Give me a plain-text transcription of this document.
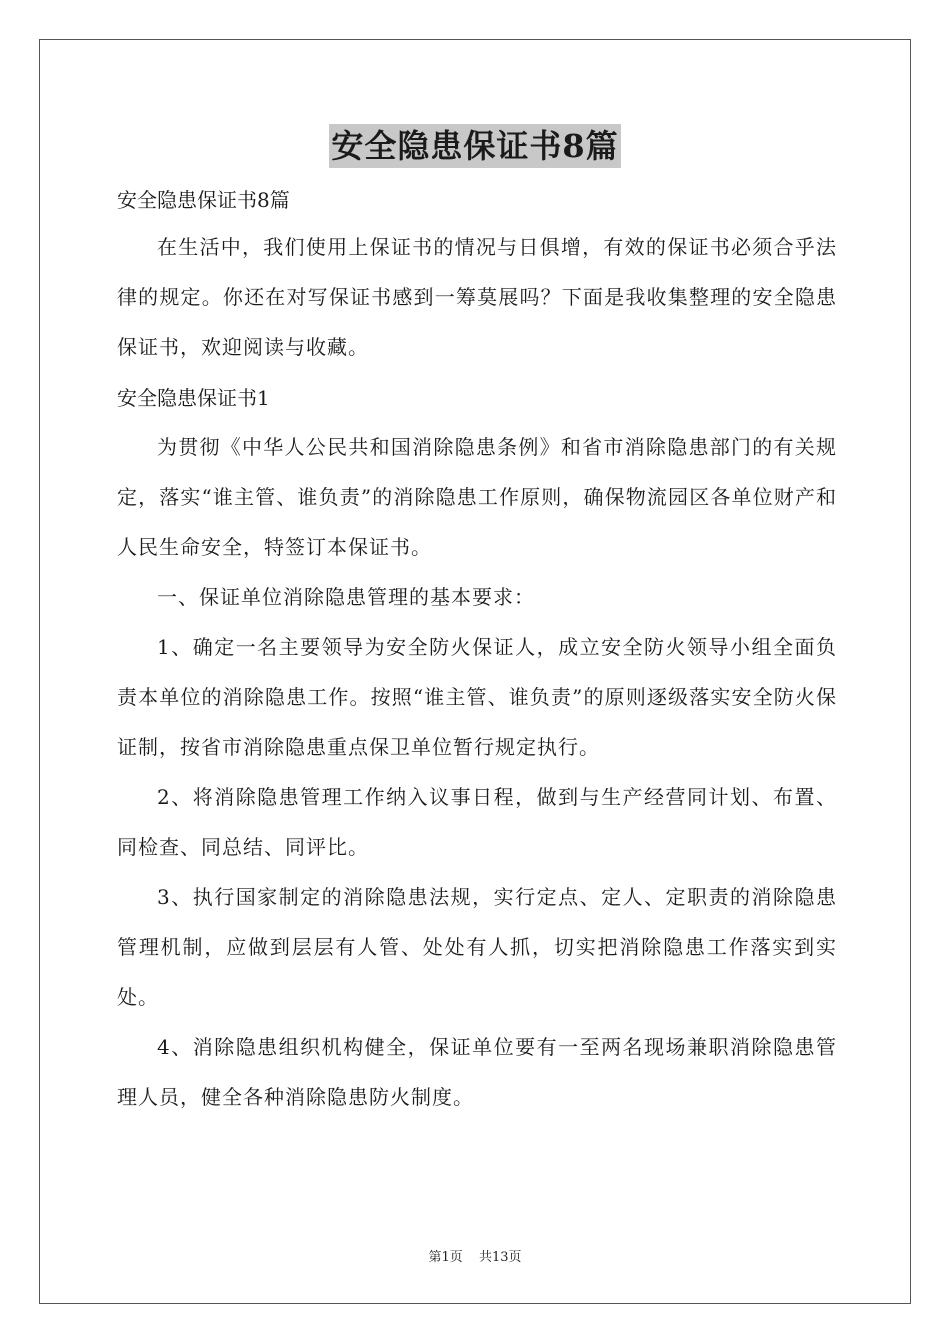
安全隐患保证书8篇

安全隐患保证书8篇

在生活中，我们使用上保证书的情况与日俱增，有效的保证书必须合乎法律的规定。你还在对写保证书感到一筹莫展吗？下面是我收集整理的安全隐患保证书，欢迎阅读与收藏。

安全隐患保证书1

为贯彻《中华人公民共和国消除隐患条例》和省市消除隐患部门的有关规定，落实“谁主管、谁负责”的消除隐患工作原则，确保物流园区各单位财产和人民生命安全，特签订本保证书。

一、保证单位消除隐患管理的基本要求：

1、确定一名主要领导为安全防火保证人，成立安全防火领导小组全面负责本单位的消除隐患工作。按照“谁主管、谁负责”的原则逐级落实安全防火保证制，按省市消除隐患重点保卫单位暂行规定执行。

2、将消除隐患管理工作纳入议事日程，做到与生产经营同计划、布置、同检查、同总结、同评比。

3、执行国家制定的消除隐患法规，实行定点、定人、定职责的消除隐患管理机制，应做到层层有人管、处处有人抓，切实把消除隐患工作落实到实处。

4、消除隐患组织机构健全，保证单位要有一至两名现场兼职消除隐患管理人员，健全各种消除隐患防火制度。

第1页 共13页
